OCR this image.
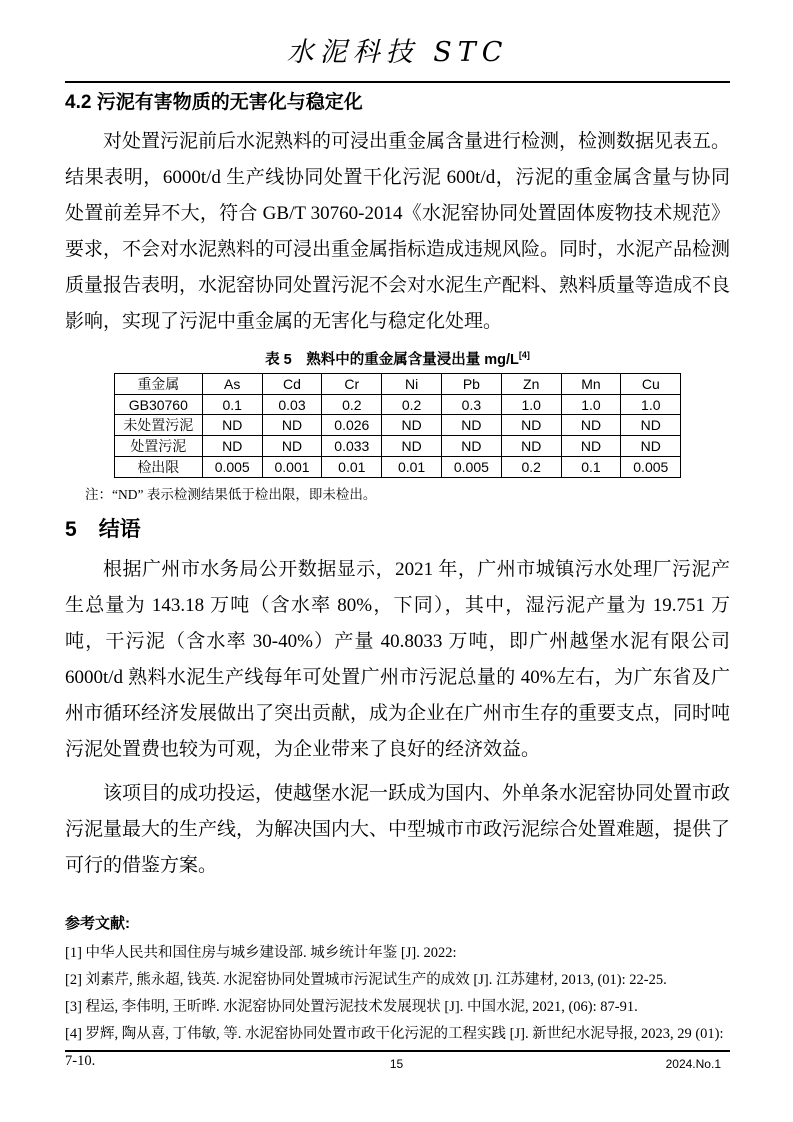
水泥科技 STC
4.2 污泥有害物质的无害化与稳定化

对处置污泥前后水泥熟料的可浸出重金属含量进行检测，检测数据见表五。结果表明，6000t/d 生产线协同处置干化污泥 600t/d，污泥的重金属含量与协同处置前差异不大，符合 GB/T 30760-2014《水泥窑协同处置固体废物技术规范》要求，不会对水泥熟料的可浸出重金属指标造成违规风险。同时，水泥产品检测质量报告表明，水泥窑协同处置污泥不会对水泥生产配料、熟料质量等造成不良影响，实现了污泥中重金属的无害化与稳定化处理。

表 5　熟料中的重金属含量浸出量 mg/L[4]
重金属	As	Cd	Cr	Ni	Pb	Zn	Mn	Cu
GB30760	0.1	0.03	0.2	0.2	0.3	1.0	1.0	1.0
未处置污泥	ND	ND	0.026	ND	ND	ND	ND	ND
处置污泥	ND	ND	0.033	ND	ND	ND	ND	ND
检出限	0.005	0.001	0.01	0.01	0.005	0.2	0.1	0.005
注：“ND” 表示检测结果低于检出限，即未检出。
5 结语

根据广州市水务局公开数据显示，2021 年，广州市城镇污水处理厂污泥产生总量为 143.18 万吨（含水率 80%，下同），其中，湿污泥产量为 19.751 万吨，干污泥（含水率 30-40%）产量 40.8033 万吨，即广州越堡水泥有限公司 6000t/d 熟料水泥生产线每年可处置广州市污泥总量的 40%左右，为广东省及广州市循环经济发展做出了突出贡献，成为企业在广州市生存的重要支点，同时吨污泥处置费也较为可观，为企业带来了良好的经济效益。

该项目的成功投运，使越堡水泥一跃成为国内、外单条水泥窑协同处置市政污泥量最大的生产线，为解决国内大、中型城市市政污泥综合处置难题，提供了可行的借鉴方案。

参考文献:
[1] 中华人民共和国住房与城乡建设部. 城乡统计年鉴 [J]. 2022:
[2] 刘素芹, 熊永超, 钱英. 水泥窑协同处置城市污泥试生产的成效 [J]. 江苏建材, 2013, (01): 22-25.
[3] 程运, 李伟明, 王昕晔. 水泥窑协同处置污泥技术发展现状 [J]. 中国水泥, 2021, (06): 87-91.
[4] 罗辉, 陶从喜, 丁伟敏, 等. 水泥窑协同处置市政干化污泥的工程实践 [J]. 新世纪水泥导报, 2023, 29 (01): 7-10.	15	2024.No.1
